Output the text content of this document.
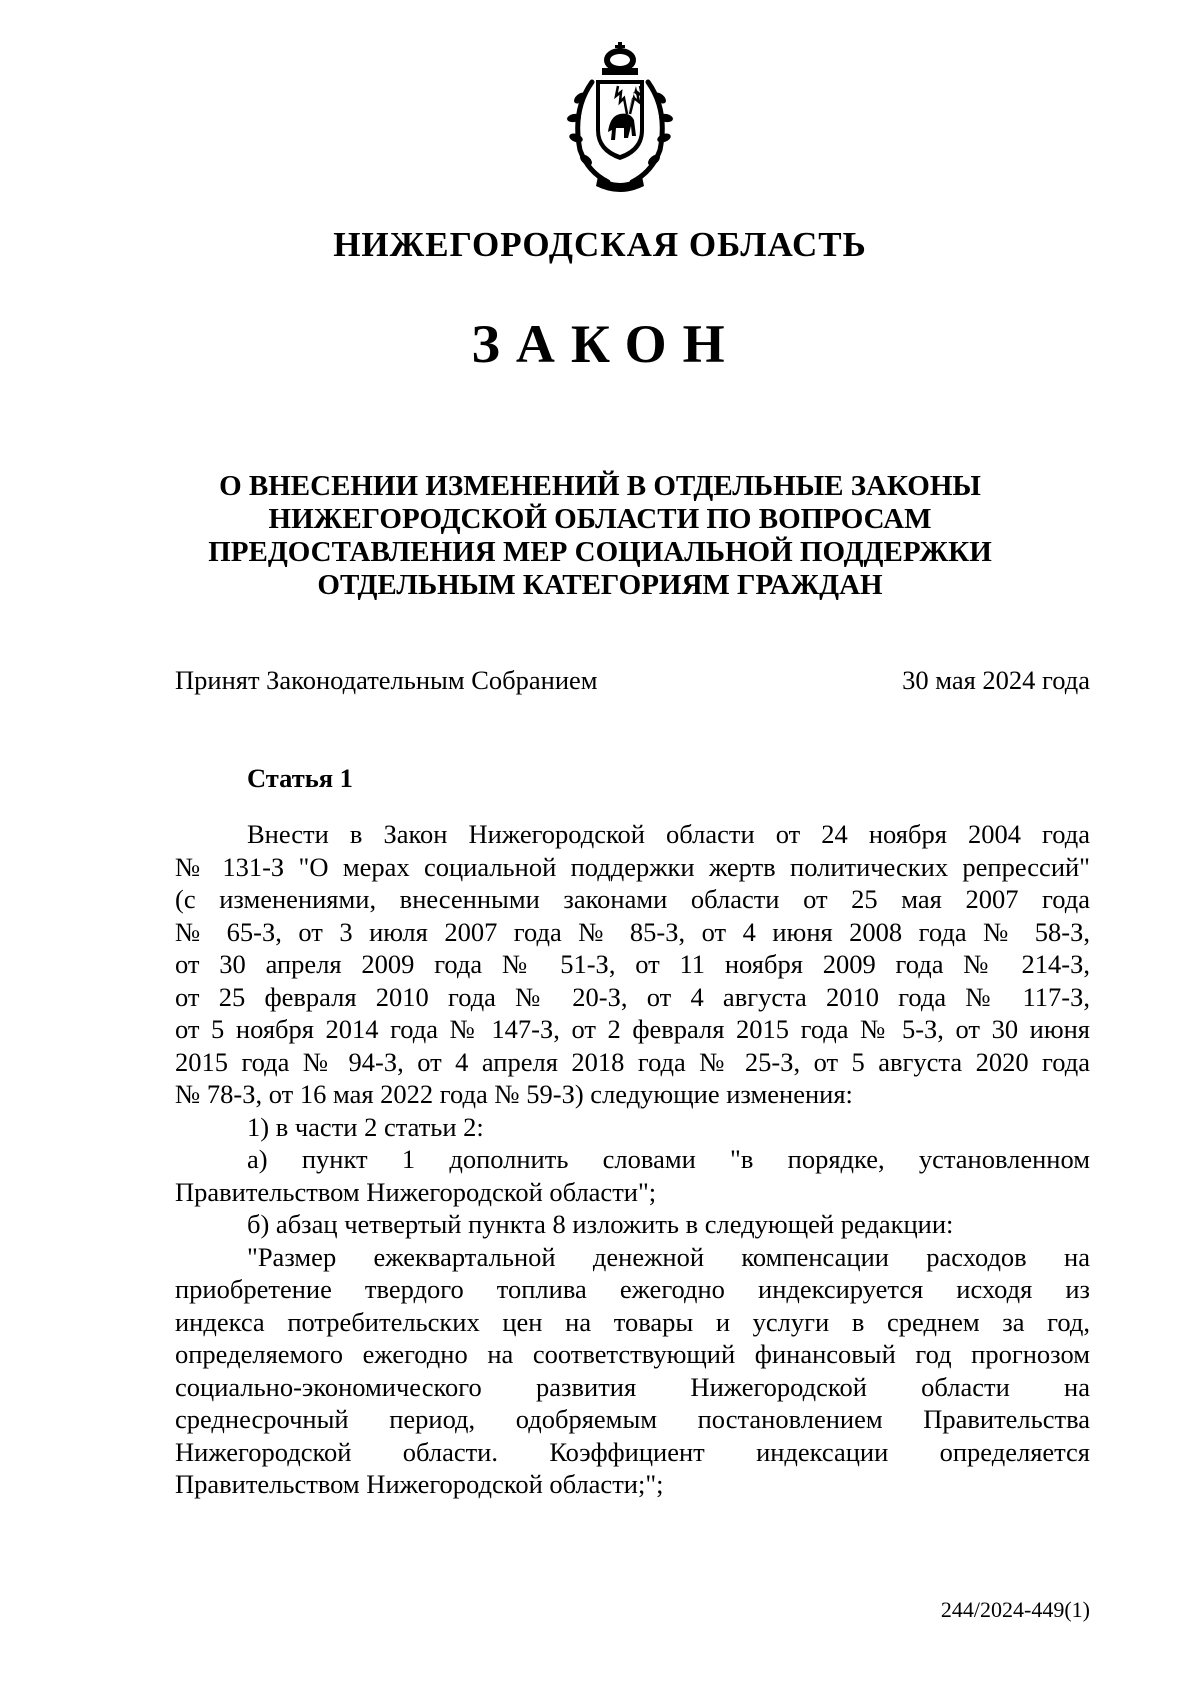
НИЖЕГОРОДСКАЯ ОБЛАСТЬ
ЗАКОН
О ВНЕСЕНИИ ИЗМЕНЕНИЙ В ОТДЕЛЬНЫЕ ЗАКОНЫ
НИЖЕГОРОДСКОЙ ОБЛАСТИ ПО ВОПРОСАМ
ПРЕДОСТАВЛЕНИЯ МЕР СОЦИАЛЬНОЙ ПОДДЕРЖКИ
ОТДЕЛЬНЫМ КАТЕГОРИЯМ ГРАЖДАН
Принят Законодательным Собранием	30 мая 2024 года
Статья 1
Внести в Закон Нижегородской области от 24 ноября 2004 года
№ 131-З "О мерах социальной поддержки жертв политических репрессий"
(с изменениями, внесенными законами области от 25 мая 2007 года
№ 65-З, от 3 июля 2007 года № 85-З, от 4 июня 2008 года № 58-З,
от 30 апреля 2009 года № 51-З, от 11 ноября 2009 года № 214-З,
от 25 февраля 2010 года № 20-З, от 4 августа 2010 года № 117-З,
от 5 ноября 2014 года № 147-З, от 2 февраля 2015 года № 5-З, от 30 июня
2015 года № 94-З, от 4 апреля 2018 года № 25-З, от 5 августа 2020 года
№ 78-З, от 16 мая 2022 года № 59-З) следующие изменения:
1) в части 2 статьи 2:
а) пункт 1 дополнить словами "в порядке, установленном
Правительством Нижегородской области";
б) абзац четвертый пункта 8 изложить в следующей редакции:
"Размер ежеквартальной денежной компенсации расходов на
приобретение твердого топлива ежегодно индексируется исходя из
индекса потребительских цен на товары и услуги в среднем за год,
определяемого ежегодно на соответствующий финансовый год прогнозом
социально-экономического развития Нижегородской области на
среднесрочный период, одобряемым постановлением Правительства
Нижегородской области. Коэффициент индексации определяется
Правительством Нижегородской области;";
244/2024-449(1)
